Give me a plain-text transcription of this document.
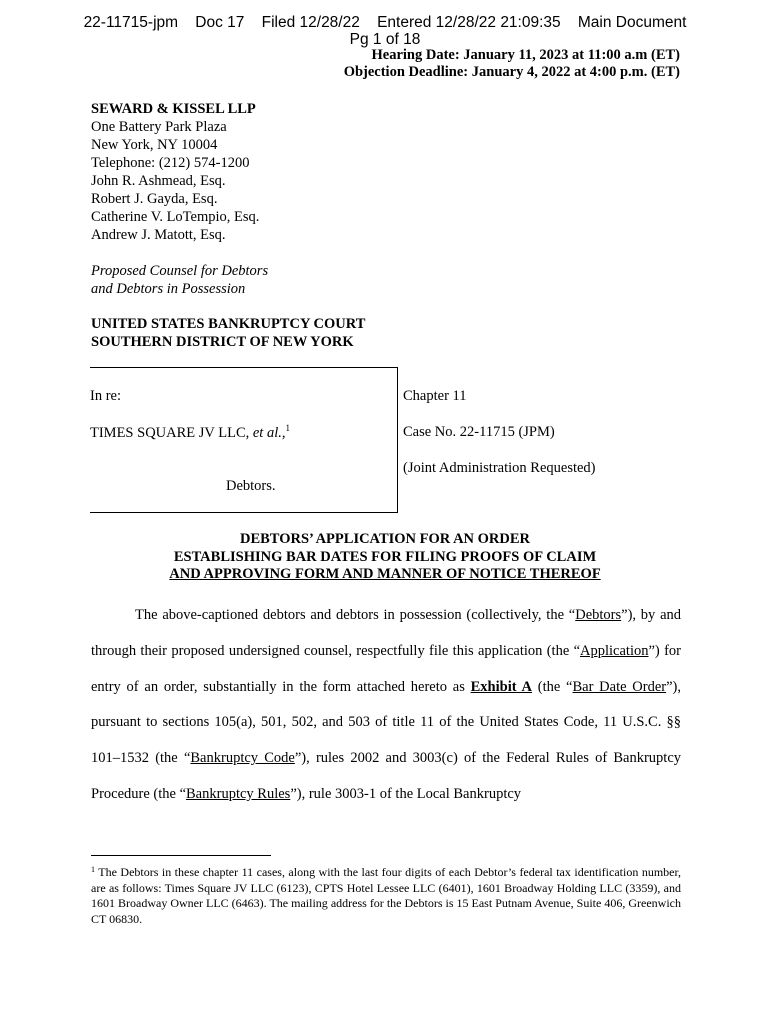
22-11715-jpm    Doc 17    Filed 12/28/22    Entered 12/28/22 21:09:35    Main Document
Pg 1 of 18
Hearing Date: January 11, 2023 at 11:00 a.m (ET)
Objection Deadline: January 4, 2022 at 4:00 p.m. (ET)
SEWARD & KISSEL LLP
One Battery Park Plaza
New York, NY 10004
Telephone: (212) 574-1200
John R. Ashmead, Esq.
Robert J. Gayda, Esq.
Catherine V. LoTempio, Esq.
Andrew J. Matott, Esq.
Proposed Counsel for Debtors
and Debtors in Possession
UNITED STATES BANKRUPTCY COURT
SOUTHERN DISTRICT OF NEW YORK
In re:
TIMES SQUARE JV LLC, et al.,$^1$
Debtors.
Chapter 11
Case No. 22-11715 (JPM)
(Joint Administration Requested)
DEBTORS’ APPLICATION FOR AN ORDER
ESTABLISHING BAR DATES FOR FILING PROOFS OF CLAIM
AND APPROVING FORM AND MANNER OF NOTICE THEREOF

The above-captioned debtors and debtors in possession (collectively, the “Debtors”), by and through their proposed undersigned counsel, respectfully file this application (the “Application”) for entry of an order, substantially in the form attached hereto as Exhibit A (the “Bar Date Order”), pursuant to sections 105(a), 501, 502, and 503 of title 11 of the United States Code, 11 U.S.C. §§ 101–1532 (the “Bankruptcy Code”), rules 2002 and 3003(c) of the Federal Rules of Bankruptcy Procedure (the “Bankruptcy Rules”), rule 3003-1 of the Local Bankruptcy

$^1$ The Debtors in these chapter 11 cases, along with the last four digits of each Debtor’s federal tax identification number, are as follows: Times Square JV LLC (6123), CPTS Hotel Lessee LLC (6401), 1601 Broadway Holding LLC (3359), and 1601 Broadway Owner LLC (6463). The mailing address for the Debtors is 15 East Putnam Avenue, Suite 406, Greenwich CT 06830.
